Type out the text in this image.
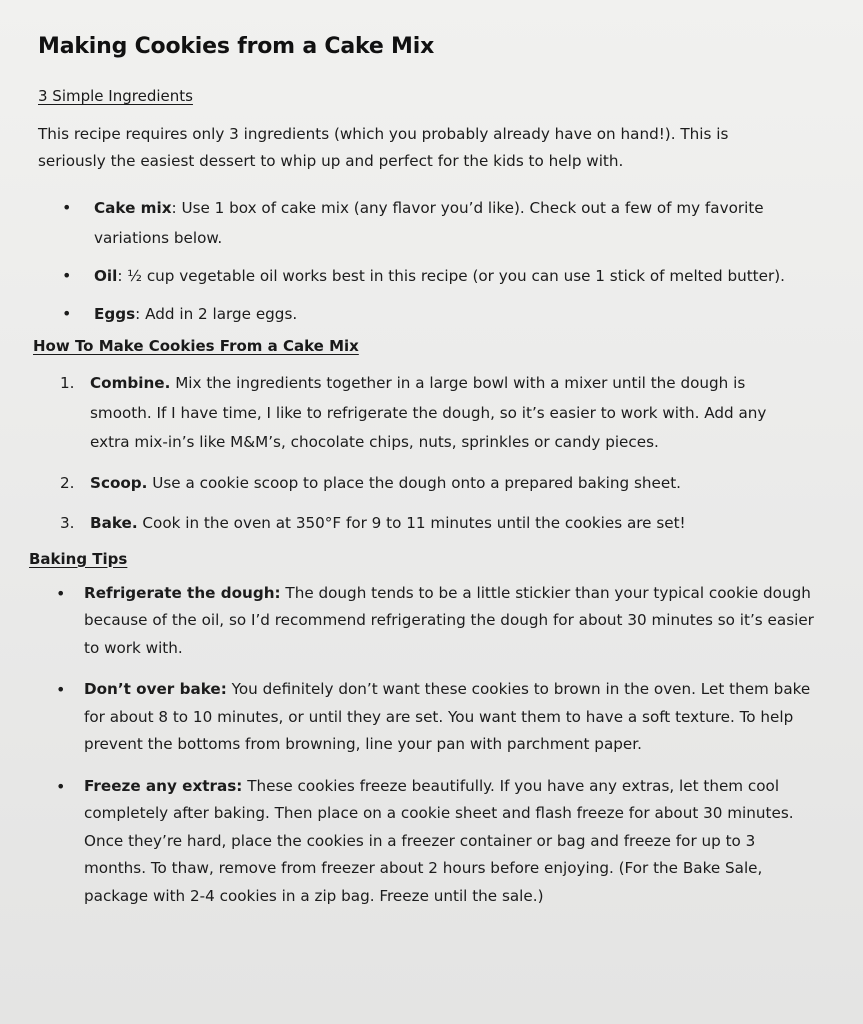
Making Cookies from a Cake Mix
3 Simple Ingredients

This recipe requires only 3 ingredients (which you probably already have on hand!). This is seriously the easiest dessert to whip up and perfect for the kids to help with.

• Cake mix: Use 1 box of cake mix (any flavor you’d like). Check out a few of my favorite variations below.
• Oil: ½ cup vegetable oil works best in this recipe (or you can use 1 stick of melted butter).
• Eggs: Add in 2 large eggs.
How To Make Cookies From a Cake Mix
1. Combine. Mix the ingredients together in a large bowl with a mixer until the dough is smooth. If I have time, I like to refrigerate the dough, so it’s easier to work with. Add any extra mix-in’s like M&M’s, chocolate chips, nuts, sprinkles or candy pieces.
2. Scoop. Use a cookie scoop to place the dough onto a prepared baking sheet.
3. Bake. Cook in the oven at 350°F for 9 to 11 minutes until the cookies are set!
Baking Tips
• Refrigerate the dough: The dough tends to be a little stickier than your typical cookie dough because of the oil, so I’d recommend refrigerating the dough for about 30 minutes so it’s easier to work with.
• Don’t over bake: You definitely don’t want these cookies to brown in the oven. Let them bake for about 8 to 10 minutes, or until they are set. You want them to have a soft texture. To help prevent the bottoms from browning, line your pan with parchment paper.
• Freeze any extras: These cookies freeze beautifully. If you have any extras, let them cool completely after baking. Then place on a cookie sheet and flash freeze for about 30 minutes. Once they’re hard, place the cookies in a freezer container or bag and freeze for up to 3 months. To thaw, remove from freezer about 2 hours before enjoying. (For the Bake Sale, package with 2-4 cookies in a zip bag. Freeze until the sale.)
